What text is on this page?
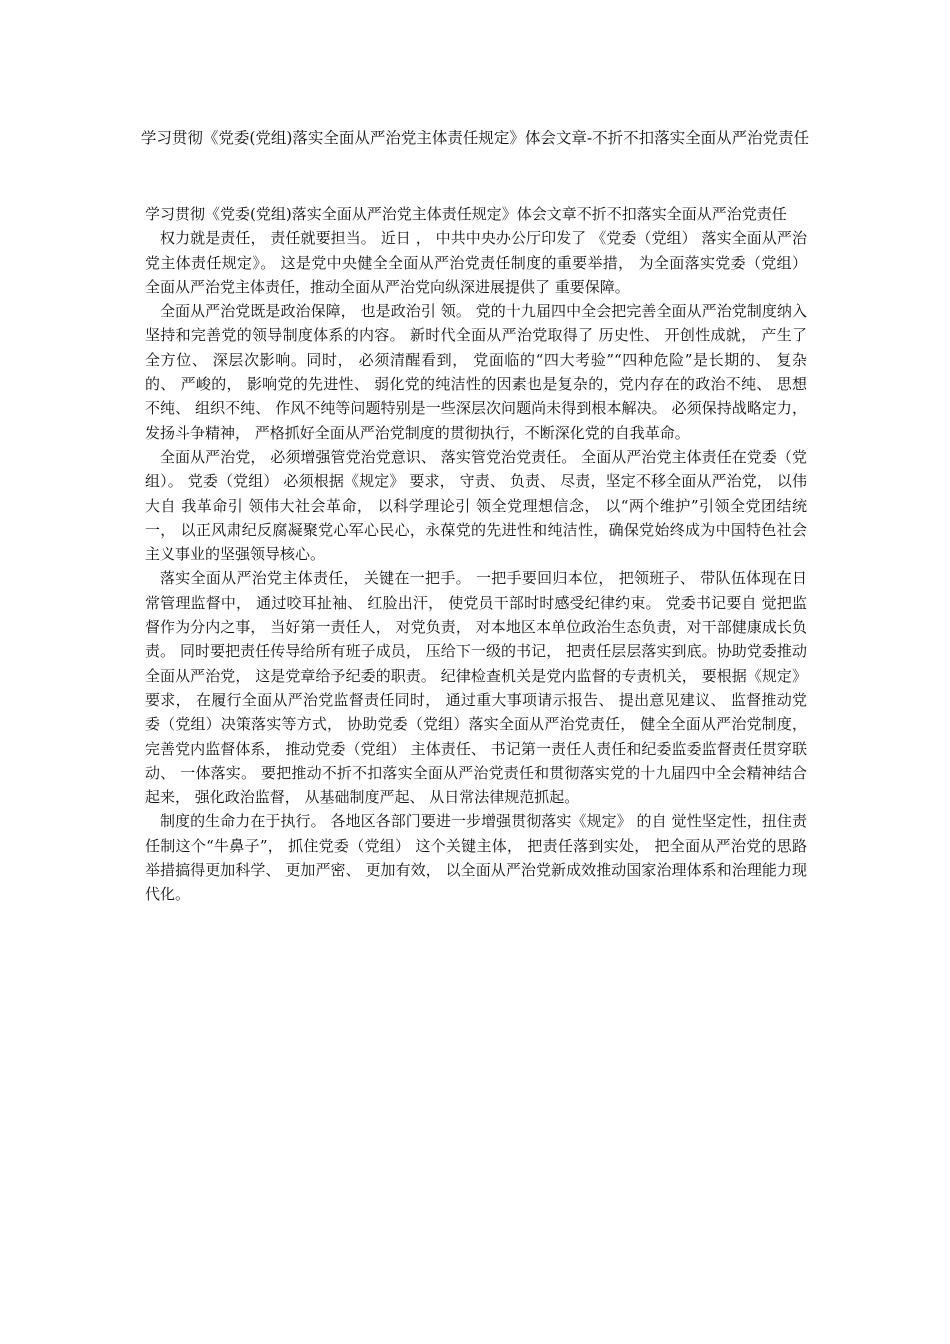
学习贯彻《党委(党组)落实全面从严治党主体责任规定》体会文章-不折不扣落实全面从严治党责任

学习贯彻《党委(党组)落实全面从严治党主体责任规定》体会文章不折不扣落实全面从严治党责任

权力就是责任， 责任就要担当。 近日 ， 中共中央办公厅印发了 《党委（党组） 落实全面从严治党主体责任规定》。 这是党中央健全全面从严治党责任制度的重要举措， 为全面落实党委（党组） 全面从严治党主体责任，推动全面从严治党向纵深进展提供了 重要保障。

全面从严治党既是政治保障， 也是政治引 领。 党的十九届四中全会把完善全面从严治党制度纳入坚持和完善党的领导制度体系的内容。 新时代全面从严治党取得了 历史性、 开创性成就， 产生了 全方位、 深层次影响。同时， 必须清醒看到， 党面临的“四大考验”“四种危险”是长期的、 复杂的、 严峻的， 影响党的先进性、 弱化党的纯洁性的因素也是复杂的，党内存在的政治不纯、 思想不纯、 组织不纯、 作风不纯等问题特别是一些深层次问题尚未得到根本解决。 必须保持战略定力， 发扬斗争精神， 严格抓好全面从严治党制度的贯彻执行，不断深化党的自我革命。

全面从严治党， 必须增强管党治党意识、 落实管党治党责任。 全面从严治党主体责任在党委（党组）。 党委（党组） 必须根据《规定》 要求， 守责、 负责、 尽责，坚定不移全面从严治党， 以伟大自 我革命引 领伟大社会革命， 以科学理论引 领全党理想信念， 以“两个维护”引领全党团结统一， 以正风肃纪反腐凝聚党心军心民心，永葆党的先进性和纯洁性，确保党始终成为中国特色社会主义事业的坚强领导核心。

落实全面从严治党主体责任， 关键在一把手。 一把手要回归本位， 把领班子、 带队伍体现在日 常管理监督中， 通过咬耳扯袖、 红脸出汗， 使党员干部时时感受纪律约束。 党委书记要自 觉把监督作为分内之事， 当好第一责任人， 对党负责， 对本地区本单位政治生态负责，对干部健康成长负责。 同时要把责任传导给所有班子成员， 压给下一级的书记， 把责任层层落实到底。协助党委推动全面从严治党， 这是党章给予纪委的职责。 纪律检查机关是党内监督的专责机关， 要根据《规定》 要求， 在履行全面从严治党监督责任同时， 通过重大事项请示报告、 提出意见建议、 监督推动党委（党组）决策落实等方式， 协助党委（党组）落实全面从严治党责任， 健全全面从严治党制度， 完善党内监督体系， 推动党委（党组） 主体责任、 书记第一责任人责任和纪委监委监督责任贯穿联动、 一体落实。 要把推动不折不扣落实全面从严治党责任和贯彻落实党的十九届四中全会精神结合起来， 强化政治监督， 从基础制度严起、 从日常法律规范抓起。

制度的生命力在于执行。 各地区各部门要进一步增强贯彻落实《规定》 的自 觉性坚定性，扭住责任制这个“牛鼻子”， 抓住党委（党组） 这个关键主体， 把责任落到实处， 把全面从严治党的思路举措搞得更加科学、 更加严密、 更加有效， 以全面从严治党新成效推动国家治理体系和治理能力现代化。
